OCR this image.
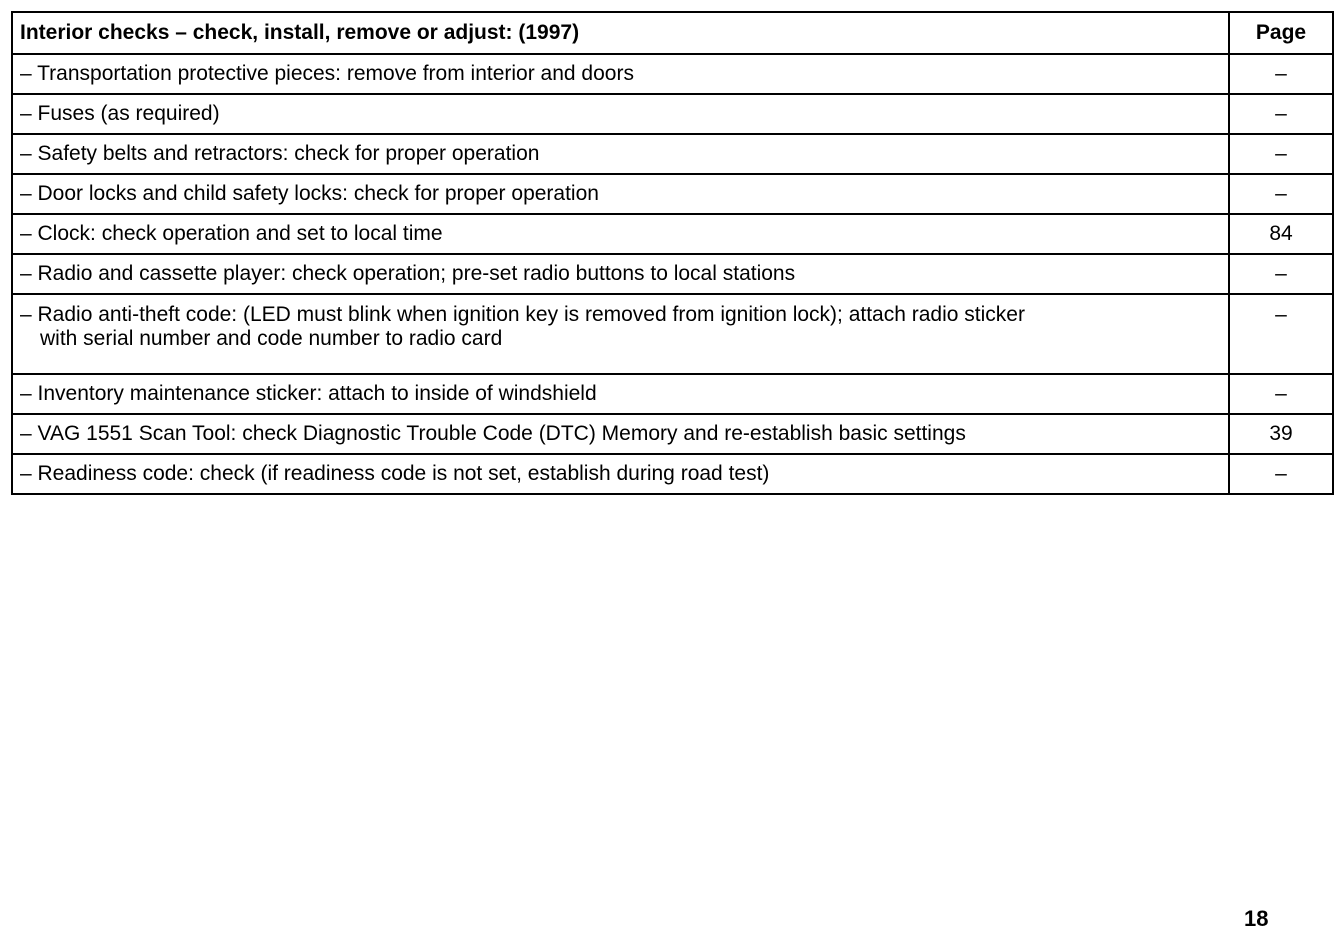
Interior checks – check, install, remove or adjust: (1997)	Page
– Transportation protective pieces: remove from interior and doors	–
– Fuses (as required)	–
– Safety belts and retractors: check for proper operation	–
– Door locks and child safety locks: check for proper operation	–
– Clock: check operation and set to local time	84
– Radio and cassette player: check operation; pre-set radio buttons to local stations	–
– Radio anti-theft code: (LED must blink when ignition key is removed from ignition lock); attach radio sticker
with serial number and code number to radio card	–
– Inventory maintenance sticker: attach to inside of windshield	–
– VAG 1551 Scan Tool: check Diagnostic Trouble Code (DTC) Memory and re-establish basic settings	39
– Readiness code: check (if readiness code is not set, establish during road test)	–
18
